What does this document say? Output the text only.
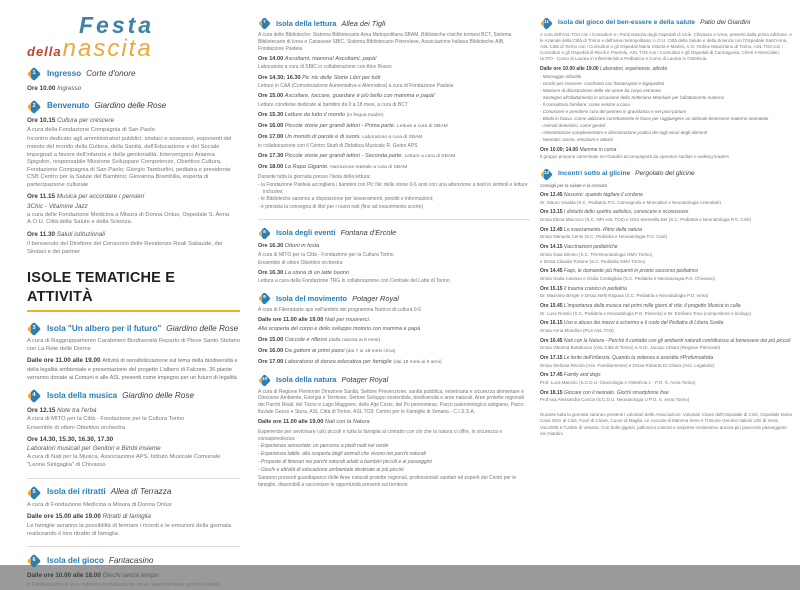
Festa
dellanascita
1	Ingresso Corte d'onore

Ore 10.00 Ingresso

2	Benvenuto Giardino delle Rose

Ore 10.15 Cultura per crescere

A cura della Fondazione Compagnia di San Paolo

Incontro dedicato agli amministratori pubblici, sindaci e assessori, esponenti del mondo del mondo della Cultura, della Sanità, dell'Educazione e del Sociale impegnati a favore dell'infanzia e della genitorialità. Intervengono Arianna Spigolon, responsabile Missione Sviluppare Competenze, Obiettivo Cultura, Fondazione Compagnia di San Paolo; Giorgio Tamburlini, pediatra e presidente CSB Centro per la Salute del Bambino; Giovanna Brambilla, esperta di partecipazione culturale

Ore 11.15 Musica per accordare i pensieri

3Chic - Vitamine Jazz

a cura delle Fondazione Medicina a Misura di Donna Onlus, Ospedale S. Anna A.O.U. Città della Salute e della Scienza.

Ore 11.30 Saluti istituzionali

Il benvenuto del Direttore del Consorzio delle Residenze Reali Sabaude, dei Sindaci e dei partner

ISOLE TEMATICHE E ATTIVITÀ
3	Isola "Un albero per il futuro" Giardino delle Rose

A cura di Raggruppamento Carabinieri Biodiversità Reparto di Pieve Santo Stefano con La Rete delle Donne

Dalle ore 11.00 alle 19.00 Attività di sensibilizzazione sul tema della biodiversità e della legalità ambientale e presentazione del progetto L'albero di Falcone, 36 piante verranno donate ai Comuni e alle ASL presenti come impegno per un futuro di legalità

4	Isola della musica Giardino delle Rose

Ore 12.15 Note tra l'erba

A cura di MITO per la Città - Fondazione per la Cultura Torino

Ensemble di ottoni Obiettivo orchestra

Ore 14.30, 15.30, 16.30, 17.30

Laboratori musicali per Genitori e Bimbi insieme

A cura di Nati per la Musica, Associazione APS, Istituto Musicale Comunale "Leone Sinigaglia" di Chivasso

5	Isola dei ritratti Allea di Terrazza

A cura di Fondazione Medicina a Misura di Donna Onlus

Dalle ore 15.00 alle 19.00 Ritratti di famiglia

Le famiglie avranno la possibilità di fermare i ricordi e le emozioni della giornata realizzando il loro ritratto di famiglia

6	Isola del gioco Fantacasino

Dalle ore 10.00 alle 18.00 Giochi senza tempo

Il Fantacasino è una colorata installazione dove sperimentare giochi insoliti.

7	Isola della lettura Allea dei Tigli

A cura delle Biblioteche: Sistema Bibliotecario Area Metropolitana SBAM, Biblioteche civiche torinesi BCT, Sistema Bibliotecario di Ivrea e Canavese SBIC, Sistema Bibliotecario Pinerolese, Associazione Italiana Biblioteche AIB, Fondazione Paideia

Ore 14.00 Ascoltami, mamma! Ascoltami, papà!

Laboratorio a cura di SBIC in collaborazione con Alce Rosso

Ore 14.30; 16.30 Pic nic delle Storie Libri per tutti

Letture in CAA (Comunicazione Aumentativa e Alternativa) a cura di Fondazione Paideia

Ore 15.00 Ascoltare, toccare, guardare è più bello con mamma e papà!

Letture condivise dedicate ai bambini da 0 a 18 mesi, a cura di BCT

Ore 15.30 Letture da tutto il mondo (in lingua madre)

Ore 16.00 Piccole storie per grandi lettori - Prima parte. Letture a cura di SBAM

Ore 17.00 Un mondo di parole e di suoni. Laboratorio a cura di SBAM

in collaborazione con il Centro Studi di Didattica Musicale R. Goitre APS

Ore 17.30 Piccole storie per grandi lettori - Seconda parte. Letture a cura di SBAM.

Ore 18.00 La Rapa Gigante. Narrazione teatrale a cura di SBAM

Durante tutta la giornata presso l'Isola della lettura:

- la Fondazione Paideia accoglierà i bambini con Pic Nic delle storie 0-6 anni con una attenzione a testi in simboli e letture inclusive;

- le Biblioteche saranno a disposizione per tesseramenti, prestiti e informazioni;

- è prevista la consegna di libri per i nuovi nati (fino ad esaurimento scorte)

8	Isola degli eventi Fontana d'Ercole

Ore 16.30 Ottoni in festa

A cura di MITO per la Città - Fondazione per la Cultura Torino

Ensemble di ottoni Obiettivo orchestra

Ore 16.30 La storia di un latte buono

Lettura a cura della Fondazione TRG in collaborazione con Centrale del Latte di Torino

9	Isola del movimento Potager Royal

A cura di Filieradarte aps nell'ambito del programma Nutrirsi di cultura 0-6

Dalle ore 11.00 alle 19.00 Nati per muoverci.

Alla scoperta del corpo e dello sviluppo motorio con mamma e papà

Ore 15.00 Coccole e riflessi (dalla nascita ai 6 mesi)

Ore 16.00 Da gattoni ai primi passi (dai 7 ai 18 mesi circa)

Ore 17.00 Laboratorio di danza educativa per famiglie (dai 18 mesi ai 6 anni)

10 Isola della natura Potager Royal

A cura di Regione Piemonte Direzione Sanità, Settore Prevenzione, sanità pubblica, veterinaria e sicurezza alimentare e Direzione Ambiente, Energia e Territorio, Settore Sviluppo sostenibile, biodiversità e aree naturali. Aree protette regionali dei Parchi Reali, del Ticino e Lago Maggiore, delle Alpi Cozie, del Po piemontese, Parco paleontologico astigiano, Parco fluviale Gesso e Stura, ASL Città di Torino, ASL TO3; Centro per le Famiglie di Venaria - C.I.S.S.A.

Dalle ore 11.00 alle 19.00 Nati con la Natura

Esperienze per avvicinare i più piccoli e tutta la famiglia al contatto con ciò che la natura ci offre, in sicurezza e consapevolezza:

- Esperienza sensoriale: un percorso a piedi nudi nel verde

- Esperienza tattile: alla scoperta degli animali che vivono nei parchi naturali

- Proposte di itinerari nei parchi naturali adatti a bambini piccoli e ai passeggini

- Giochi e attività di educazione ambientale destinate ai più piccini

Saranno presenti guardiaparco delle Aree naturali protette regionali, professionisti sanitari ed esperti dei Centri per le famiglie, disponibili a raccontare le opportunità presenti sul territorio

11 Isola del gioco del ben-essere e della salute Patio dei Giardini

A cura dell'ASL TO4 con i Consultori e i Punti Nascita degli Ospedali di Ciriè, Chivasso e Ivrea, presenti dalla prima edizione, e le Aziende della Città di Torino e dell'area metropolitana: A.O.U. Città della Salute e della Scienza con l'Ospedale Sant'Anna, ASL Città di Torino con i Consultori e gli Ospedali Maria Vittoria e Martini, A.O. Ordine Mauriziano di Torino, ASL TO3 con i Consultori e gli Ospedali di Rivoli e Pinerolo, ASL TO5 con i Consultori e gli Ospedali di Carmagnola, Chieri e Moncalieri, UniTO - Corso di Laurea in Infermieristica Pediatrica e Corso di Laurea in Ostetricia

Dalle ore 10.00 alle 19.00 Laboratori, esperienze, attività

- Massaggio infantile

- Giochi per crescere. Confronto con fisioterapisti e logopedisti

- Manovre di disostruzione delle vie aeree da corpo estraneo

- Sostegno all'allattamento in occasione della Settimana Mondiale per l'allattamento materno

- Il consultorio familiare: come sentirsi a casa

- Conoscere e prendersi cura del perineo in gravidanza e nel post-partum

- Bimbi in fascia. Come utilizzare correttamente le fasce per raggiungere un ottimale benessere materno neonatale

- Animali domestici, come gestirli

- Alimentazione complementare e dimostrazione pratica dei tagli sicuri degli alimenti

- Neonato: sonno, emozioni e attività

Ore 10.00; 14.00 Mamme in corsa

Il gruppo propone camminate nei Giardini accompagnati da operatori sanitari e walking leaders

12 Incontri sotto al glicine Pergolato del glicine

Consigli per la salute e la crescita

Ore 12.45 Nascere: quando tagliare il cordone

Dr. Mauro Vivalda (S.C. Pediatria P.O. Carmagnola e Moncalieri e Neonatologia Aziendale)

Ore 13.15 I disturbi dello spettro autistico, conoscere e riconoscere

Drssa Elena Macocco (S.C. NPI ASL TO4) e OSS Serenella Bet (S.C. Pediatria e Neonatologia P.O. Cirié)

Ore 13.45 Lo svezzamento. Ritmi della natura

Drssa Manuela Cenni (S.C. Pediatria e Neonatologia P.O. Cirié)

Ore 14.15 Vaccinazioni pediatriche

Drssa Gaia Dimino (S.C. TIN-Neonatologia OMV Torino)

e Drssa Claudia Tortone (S.C. Pediatria OMV Torino)

Ore 14.45 Faqs, le domande più frequenti in pronto soccorso pediatrico

Drssa Giulia Calosso e Giulia Costagliola (S.C. Pediatria e Neonatologia P.O. Chivasso)

Ore 15.15 Il trauma cranico in pediatria

Dr. Massimo Berger e Drssa Nefti Ragusa (S.C. Pediatria e Neonatologia P.O. Ivrea)

Ore 15.45 L'importanza della musica nei primi mille giorni di vita: il progetto Musica in culla

Dr. Luca Rossio (S.C. Pediatria e Neonatologia P.O. Pinerolo) e Dr. Emiliano Toso (compositore e biologo)

Ore 16.15 Uso e abuso dei mezzi a schermo e il ruolo del Pediatra di Libera Scelta

Drssa Anna Mondino (PLS ASL TO3)

Ore 16.45 Nati con la Natura - Perché il contatto con gli ambienti naturali contribuisce al benessere dei più piccoli

Drssa Vittorina Buttafuoco (ASL Città di Torino) e Arch. Jacopo Chiara (Regione Piemonte)

Ore 17.15 Le ferite dell'infanzia. Quando la violenza è assistita #Profumodivita

Drssa Stefania Rivoria (Ass. Familiarmente) e Drssa Roberta Di Chiara (Ass. Legalarte)

Ore 17.45 Family and dogs

Prof. Luca Marozio (S.C.D.U. Ginecologia e Ostetricia 1 - P.O. S. Anna Torino)

Ore 18.15 Giocare con il neonato. Giochi smartphone free

Prof.ssa Alessandra Coscia (S.C.D.U. Neonatologia U P.O. S. Anna Torino)

Durante tutta la giornata saranno presenti i volontari delle Associazioni: Volontari Clown dell'Ospedale di Cirié, Ospedale Dolce Casa ODV di Cirié, Fuori di Clown, Cuore di Maglia, Le coccole di Mamma Irene e l'Unione Genitori Italiani UGI di Ivrea, Voic2006 e l'Unitre di Venaria. Con bolle giganti, palloncini colorati e sorprese renderanno ancora più piacevole passeggiare nei Giardini
